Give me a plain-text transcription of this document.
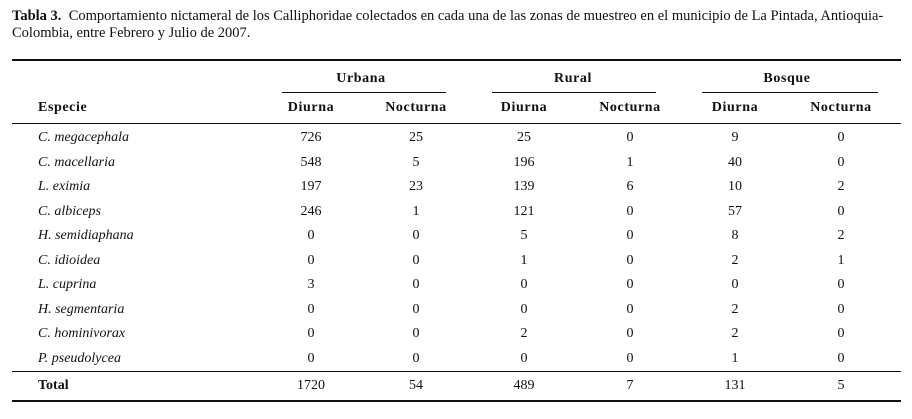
Tabla 3. Comportamiento nictameral de los Calliphoridae colectados en cada una de las zonas de muestreo en el municipio de La Pintada, Antioquia-Colombia, entre Febrero y Julio de 2007.
Urbana	Rural	Bosque
Especie	Diurna	Nocturna	Diurna	Nocturna	Diurna	Nocturna
C. megacephala	726	25	25	0	9	0
C. macellaria	548	5	196	1	40	0
L. eximia	197	23	139	6	10	2
C. albiceps	246	1	121	0	57	0
H. semidiaphana	0	0	5	0	8	2
C. idioidea	0	0	1	0	2	1
L. cuprina	3	0	0	0	0	0
H. segmentaria	0	0	0	0	2	0
C. hominivorax	0	0	2	0	2	0
P. pseudolycea	0	0	0	0	1	0
Total	1720	54	489	7	131	5
